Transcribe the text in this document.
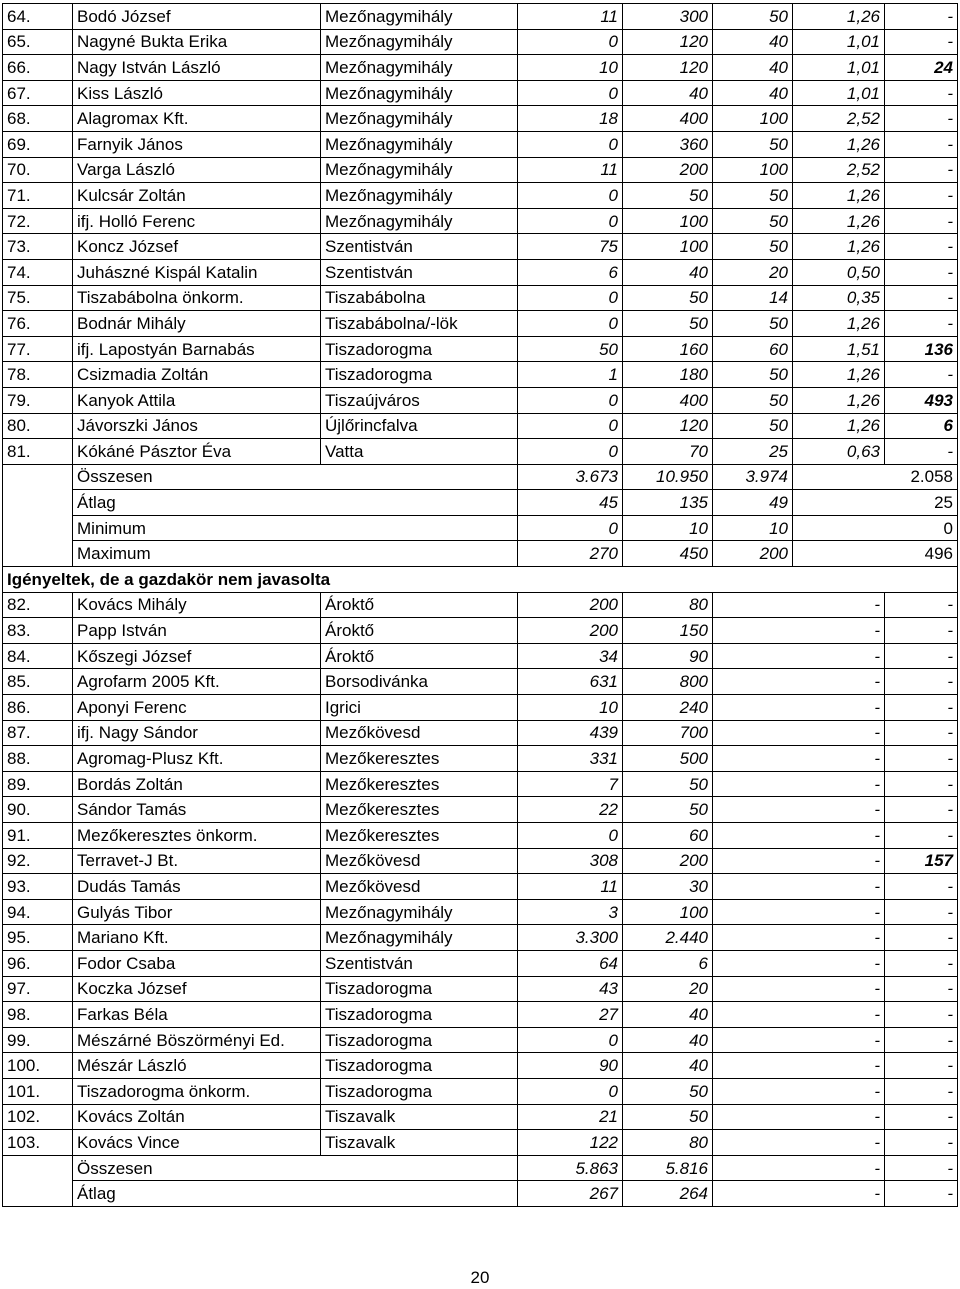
64.	Bodó József	Mezőnagymihály	11	300	50	1,26	-
65.	Nagyné Bukta Erika	Mezőnagymihály	0	120	40	1,01	-
66.	Nagy István László	Mezőnagymihály	10	120	40	1,01	24
67.	Kiss László	Mezőnagymihály	0	40	40	1,01	-
68.	Alagromax Kft.	Mezőnagymihály	18	400	100	2,52	-
69.	Farnyik János	Mezőnagymihály	0	360	50	1,26	-
70.	Varga László	Mezőnagymihály	11	200	100	2,52	-
71.	Kulcsár Zoltán	Mezőnagymihály	0	50	50	1,26	-
72.	ifj. Holló Ferenc	Mezőnagymihály	0	100	50	1,26	-
73.	Koncz József	Szentistván	75	100	50	1,26	-
74.	Juhászné Kispál Katalin	Szentistván	6	40	20	0,50	-
75.	Tiszabábolna önkorm.	Tiszabábolna	0	50	14	0,35	-
76.	Bodnár Mihály	Tiszabábolna/-lök	0	50	50	1,26	-
77.	ifj. Lapostyán Barnabás	Tiszadorogma	50	160	60	1,51	136
78.	Csizmadia Zoltán	Tiszadorogma	1	180	50	1,26	-
79.	Kanyok Attila	Tiszaújváros	0	400	50	1,26	493
80.	Jávorszki János	Újlőrincfalva	0	120	50	1,26	6
81.	Kókáné Pásztor Éva	Vatta	0	70	25	0,63	-
	Összesen		3.673	10.950	3.974	2.058	
	Átlag		45	135	49	25	
	Minimum		0	10	10	0	
	Maximum		270	450	200	496	
Igényeltek, de a gazdakör nem javasolta							
82.	Kovács Mihály	Ároktő	200	80	-		-
83.	Papp István	Ároktő	200	150	-		-
84.	Kőszegi József	Ároktő	34	90	-		-
85.	Agrofarm 2005 Kft.	Borsodivánka	631	800	-		-
86.	Aponyi Ferenc	Igrici	10	240	-		-
87.	ifj. Nagy Sándor	Mezőkövesd	439	700	-		-
88.	Agromag-Plusz Kft.	Mezőkeresztes	331	500	-		-
89.	Bordás Zoltán	Mezőkeresztes	7	50	-		-
90.	Sándor Tamás	Mezőkeresztes	22	50	-		-
91.	Mezőkeresztes önkorm.	Mezőkeresztes	0	60	-		-
92.	Terravet-J Bt.	Mezőkövesd	308	200	-		157
93.	Dudás Tamás	Mezőkövesd	11	30	-		-
94.	Gulyás Tibor	Mezőnagymihály	3	100	-		-
95.	Mariano Kft.	Mezőnagymihály	3.300	2.440	-		-
96.	Fodor Csaba	Szentistván	64	6	-		-
97.	Koczka József	Tiszadorogma	43	20	-		-
98.	Farkas Béla	Tiszadorogma	27	40	-		-
99.	Mészárné Böszörményi Ed.	Tiszadorogma	0	40	-		-
100.	Mészár László	Tiszadorogma	90	40	-		-
101.	Tiszadorogma önkorm.	Tiszadorogma	0	50	-		-
102.	Kovács Zoltán	Tiszavalk	21	50	-		-
103.	Kovács Vince	Tiszavalk	122	80	-		-
	Összesen		5.863	5.816	-		-
	Átlag		267	264	-		-
20
